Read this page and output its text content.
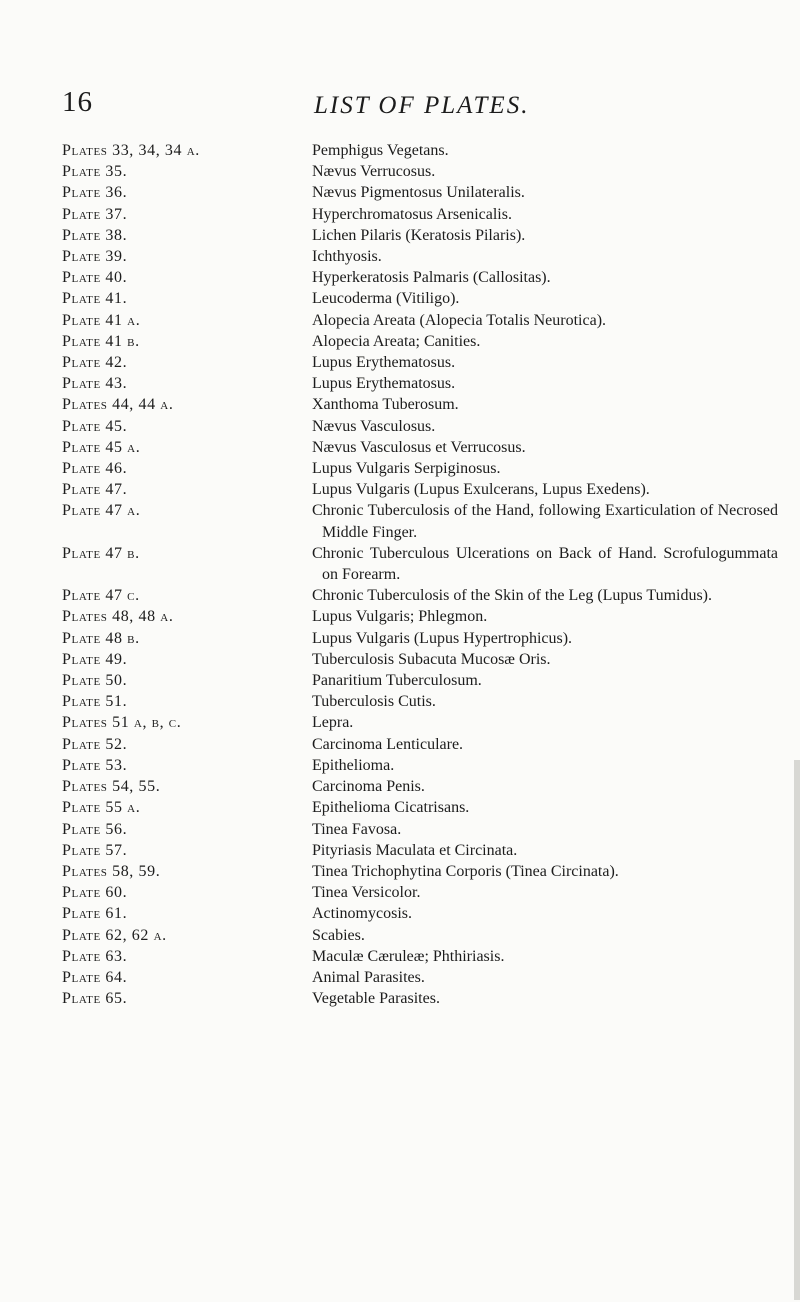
16	LIST OF PLATES.
Plates 33, 34, 34 a.	Pemphigus Vegetans.
Plate 35.	Nævus Verrucosus.
Plate 36.	Nævus Pigmentosus Unilateralis.
Plate 37.	Hyperchromatosus Arsenicalis.
Plate 38.	Lichen Pilaris (Keratosis Pilaris).
Plate 39.	Ichthyosis.
Plate 40.	Hyperkeratosis Palmaris (Callositas).
Plate 41.	Leucoderma (Vitiligo).
Plate 41 a.	Alopecia Areata (Alopecia Totalis Neurotica).
Plate 41 b.	Alopecia Areata; Canities.
Plate 42.	Lupus Erythematosus.
Plate 43.	Lupus Erythematosus.
Plates 44, 44 a.	Xanthoma Tuberosum.
Plate 45.	Nævus Vasculosus.
Plate 45 a.	Nævus Vasculosus et Verrucosus.
Plate 46.	Lupus Vulgaris Serpiginosus.
Plate 47.	Lupus Vulgaris (Lupus Exulcerans, Lupus Exedens).
Plate 47 a.	Chronic Tuberculosis of the Hand, following Exarticulation of Necrosed Middle Finger.
Plate 47 b.	Chronic Tuberculous Ulcerations on Back of Hand. Scrofulogummata on Forearm.
Plate 47 c.	Chronic Tuberculosis of the Skin of the Leg (Lupus Tumidus).
Plates 48, 48 a.	Lupus Vulgaris; Phlegmon.
Plate 48 b.	Lupus Vulgaris (Lupus Hypertrophicus).
Plate 49.	Tuberculosis Subacuta Mucosæ Oris.
Plate 50.	Panaritium Tuberculosum.
Plate 51.	Tuberculosis Cutis.
Plates 51 a, b, c.	Lepra.
Plate 52.	Carcinoma Lenticulare.
Plate 53.	Epithelioma.
Plates 54, 55.	Carcinoma Penis.
Plate 55 a.	Epithelioma Cicatrisans.
Plate 56.	Tinea Favosa.
Plate 57.	Pityriasis Maculata et Circinata.
Plates 58, 59.	Tinea Trichophytina Corporis (Tinea Circinata).
Plate 60.	Tinea Versicolor.
Plate 61.	Actinomycosis.
Plate 62, 62 a.	Scabies.
Plate 63.	Maculæ Cæruleæ; Phthiriasis.
Plate 64.	Animal Parasites.
Plate 65.	Vegetable Parasites.
